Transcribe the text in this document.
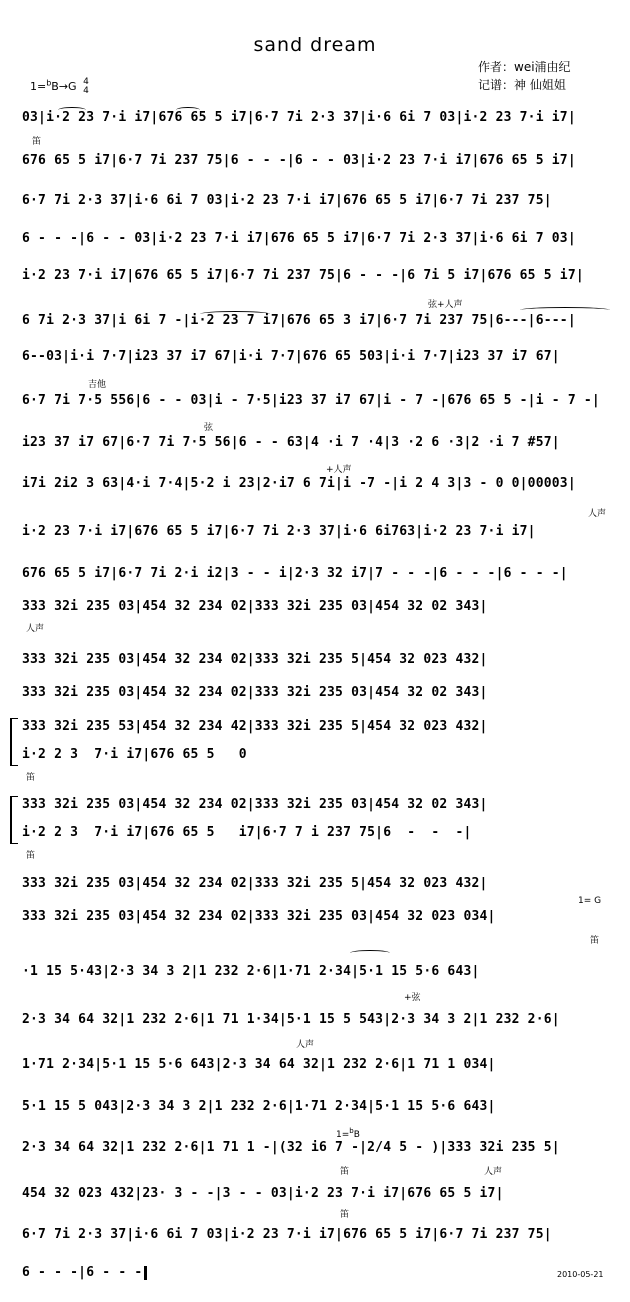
sand dream
作者：wei浦由纪
记谱：神 仙姐姐
1=$^b$B→G 4
4
03|i·2 23 7·i i7|676 65 5 i7|6·7 7i 2·3 37|i·6 6i 7 03|i·2 23 7·i i7|
676 65 5 i7|6·7 7i 237 75|6 - - -|6 - - 03|i·2 23 7·i i7|676 65 5 i7|
6·7 7i 2·3 37|i·6 6i 7 03|i·2 23 7·i i7|676 65 5 i7|6·7 7i 237 75|
6 - - -|6 - - 03|i·2 23 7·i i7|676 65 5 i7|6·7 7i 2·3 37|i·6 6i 7 03|
i·2 23 7·i i7|676 65 5 i7|6·7 7i 237 75|6 - - -|6 7i 5 i7|676 65 5 i7|
6 7i 2·3 37|i 6i 7 -|i·2 23 7 i7|676 65 3 i7|6·7 7i 237 75|6---|6---|
6--03|i·i 7·7|i23 37 i7 67|i·i 7·7|676 65 503|i·i 7·7|i23 37 i7 67|
6·7 7i 7·5 556|6 - - 03|i - 7·5|i23 37 i7 67|i - 7 -|676 65 5 -|i - 7 -|
i23 37 i7 67|6·7 7i 7·5 56|6 - - 63|4 ·i 7 ·4|3 ·2 6 ·3|2 ·i 7 #57|
i7i 2i2 3 63|4·i 7·4|5·2 i 23|2·i7 6 7i|i -7 -|i 2 4 3|3 - 0 0|00003|
i·2 23 7·i i7|676 65 5 i7|6·7 7i 2·3 37|i·6 6i763|i·2 23 7·i i7|
676 65 5 i7|6·7 7i 2·i i2|3 - - i|2·3 32 i7|7 - - -|6 - - -|6 - - -|
333 32i 235 03|454 32 234 02|333 32i 235 03|454 32 02 343|
333 32i 235 03|454 32 234 02|333 32i 235 5|454 32 023 432|
333 32i 235 03|454 32 234 02|333 32i 235 03|454 32 02 343|
333 32i 235 53|454 32 234 42|333 32i 235 5|454 32 023 432|
i·2 2 3  7·i i7|676 65 5   0
333 32i 235 03|454 32 234 02|333 32i 235 03|454 32 02 343|
i·2 2 3  7·i i7|676 65 5   i7|6·7 7 i 237 75|6  -  -  -|
333 32i 235 03|454 32 234 02|333 32i 235 5|454 32 023 432|
333 32i 235 03|454 32 234 02|333 32i 235 03|454 32 023 034|
·1 15 5·43|2·3 34 3 2|1 232 2·6|1·71 2·34|5·1 15 5·6 643|
2·3 34 64 32|1 232 2·6|1 71 1·34|5·1 15 5 543|2·3 34 3 2|1 232 2·6|
1·71 2·34|5·1 15 5·6 643|2·3 34 64 32|1 232 2·6|1 71 1 034|
5·1 15 5 043|2·3 34 3 2|1 232 2·6|1·71 2·34|5·1 15 5·6 643|
2·3 34 64 32|1 232 2·6|1 71 1 -|(32 i6 7 -|2/4 5 - )|333 32i 235 5|
454 32 023 432|23· 3 - -|3 - - 03|i·2 23 7·i i7|676 65 5 i7|
6·7 7i 2·3 37|i·6 6i 7 03|i·2 23 7·i i7|676 65 5 i7|6·7 7i 237 75|
6 - - -|6 - - -
笛
弦+人声
吉他
弦
+人声
人声
人声
笛
笛
1= G
笛
+弦
人声
1=$^b$B
笛	人声
笛
2010-05-21
